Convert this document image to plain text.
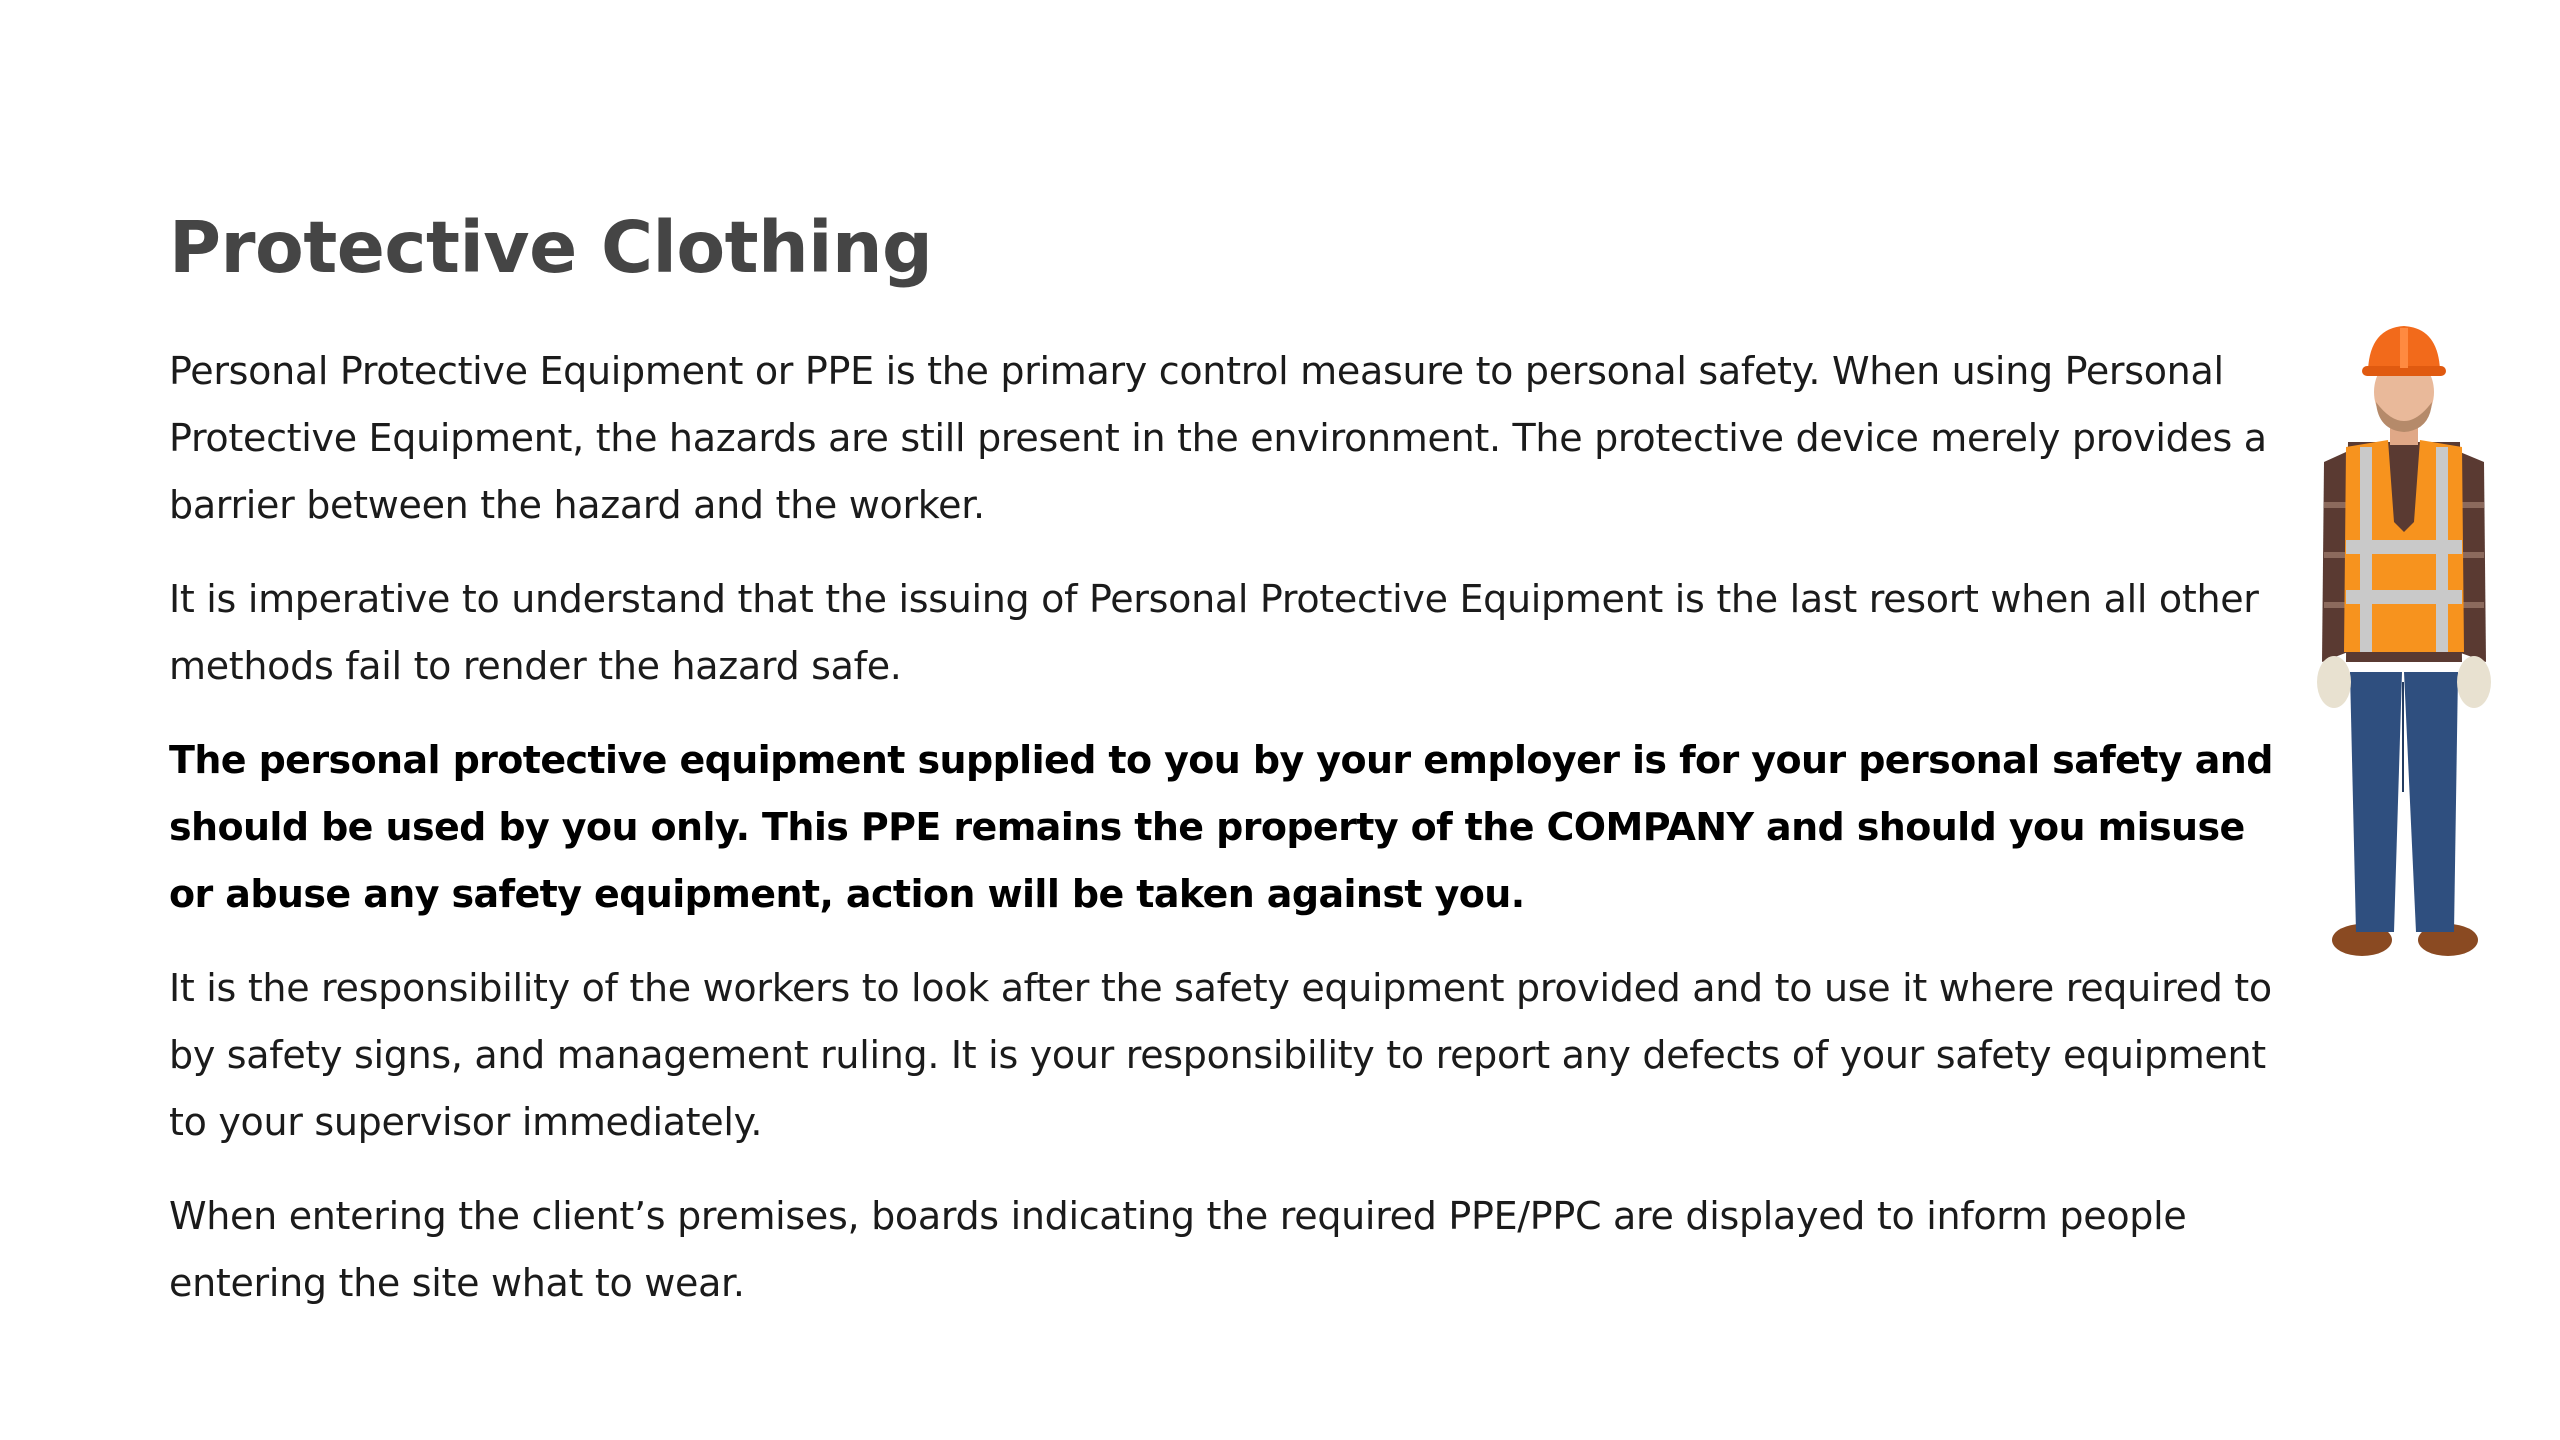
Protective Clothing

Personal Protective Equipment or PPE is the primary control measure to personal safety. When using Personal Protective Equipment, the hazards are still present in the environment. The protective device merely provides a barrier between the hazard and the worker.

It is imperative to understand that the issuing of Personal Protective Equipment is the last resort when all other methods fail to render the hazard safe.

The personal protective equipment supplied to you by your employer is for your personal safety and should be used by you only. This PPE remains the property of the COMPANY and should you misuse or abuse any safety equipment, action will be taken against you.

It is the responsibility of the workers to look after the safety equipment provided and to use it where required to by safety signs, and management ruling. It is your responsibility to report any defects of your safety equipment to your supervisor immediately.

When entering the client’s premises, boards indicating the required PPE/PPC are displayed to inform people entering the site what to wear.
